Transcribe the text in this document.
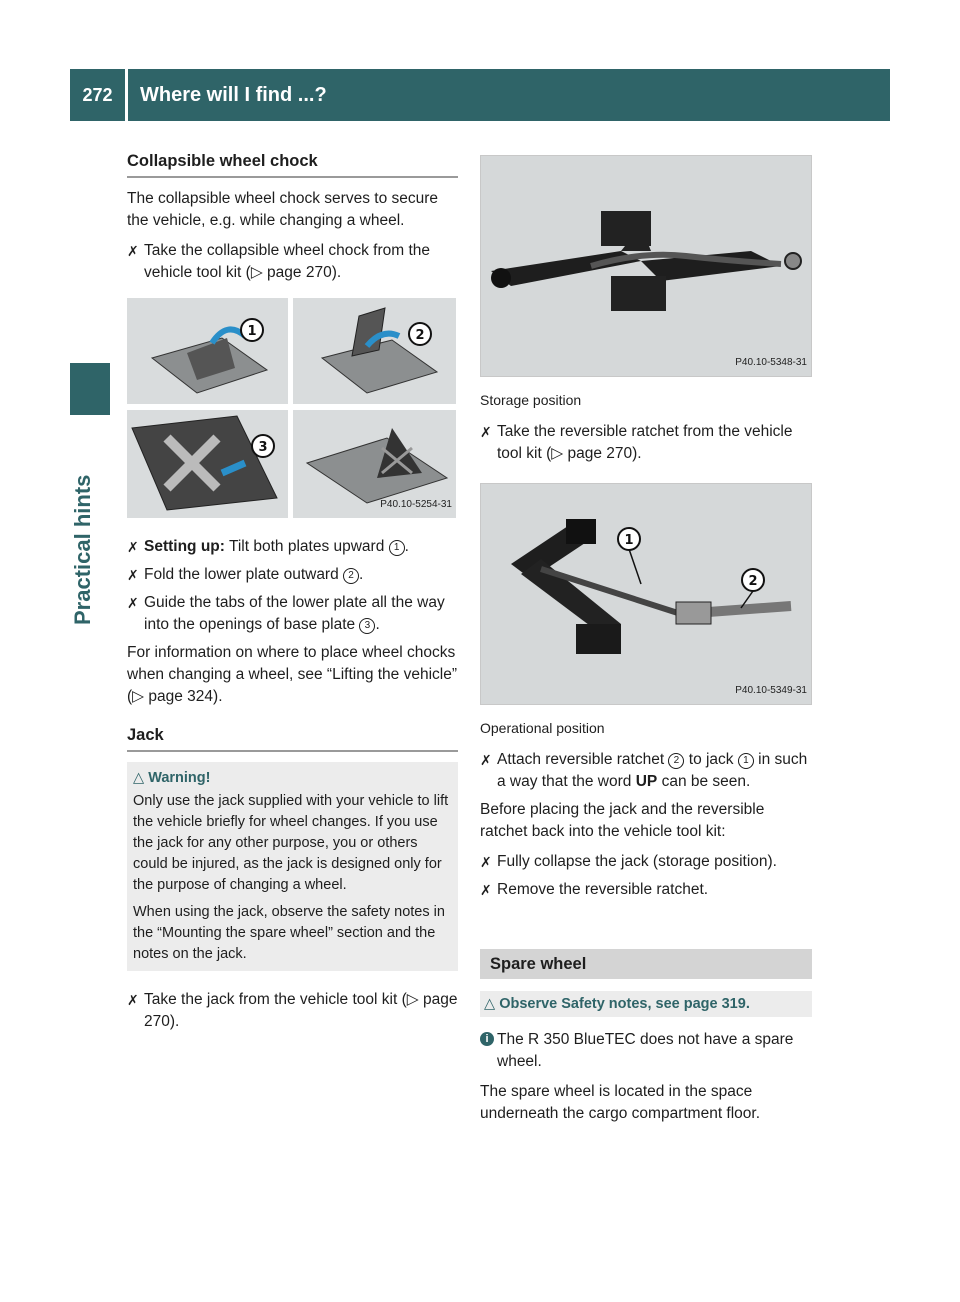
272	Where will I find ...?
Practical hints
Collapsible wheel chock

The collapsible wheel chock serves to secure the vehicle, e.g. while changing a wheel.

✗ Take the collapsible wheel chock from the vehicle tool kit (▷ page 270).
1	2
3
P40.10-5254-31
✗ Setting up: Tilt both plates upward 1 .
✗ Fold the lower plate outward 2 .
✗ Guide the tabs of the lower plate all the way into the openings of base plate 3 .

For information on where to place wheel chocks when changing a wheel, see “Lifting the vehicle” (▷ page 324).

Jack
△ Warning!

Only use the jack supplied with your vehicle to lift the vehicle briefly for wheel changes. If you use the jack for any other purpose, you or others could be injured, as the jack is designed only for the purpose of changing a wheel.

When using the jack, observe the safety notes in the “Mounting the spare wheel” section and the notes on the jack.

✗ Take the jack from the vehicle tool kit (▷ page 270).
P40.10-5348-31
Storage position
✗ Take the reversible ratchet from the vehicle tool kit (▷ page 270).
1
2
P40.10-5349-31
Operational position
✗ Attach reversible ratchet 2 to jack 1 in such a way that the word UP can be seen.

Before placing the jack and the reversible ratchet back into the vehicle tool kit:

✗ Fully collapse the jack (storage position).
✗ Remove the reversible ratchet.
Spare wheel
△ Observe Safety notes, see page 319.
i The R 350 BlueTEC does not have a spare wheel.

The spare wheel is located in the space underneath the cargo compartment floor.
